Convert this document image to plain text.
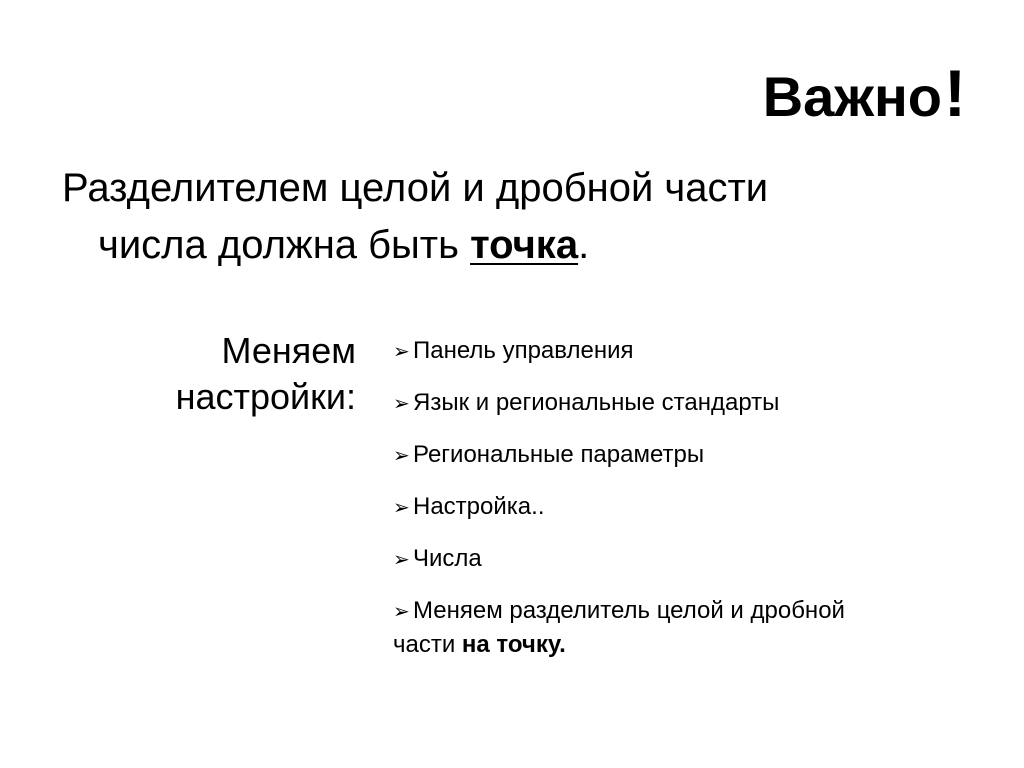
Важно!
Разделителем целой и дробной части
числа должна быть точка.
Меняем
настройки:
➢ Панель управления
➢ Язык и региональные стандарты
➢ Региональные параметры
➢ Настройка..
➢ Числа
➢ Меняем разделитель целой и дробной части на точку.
